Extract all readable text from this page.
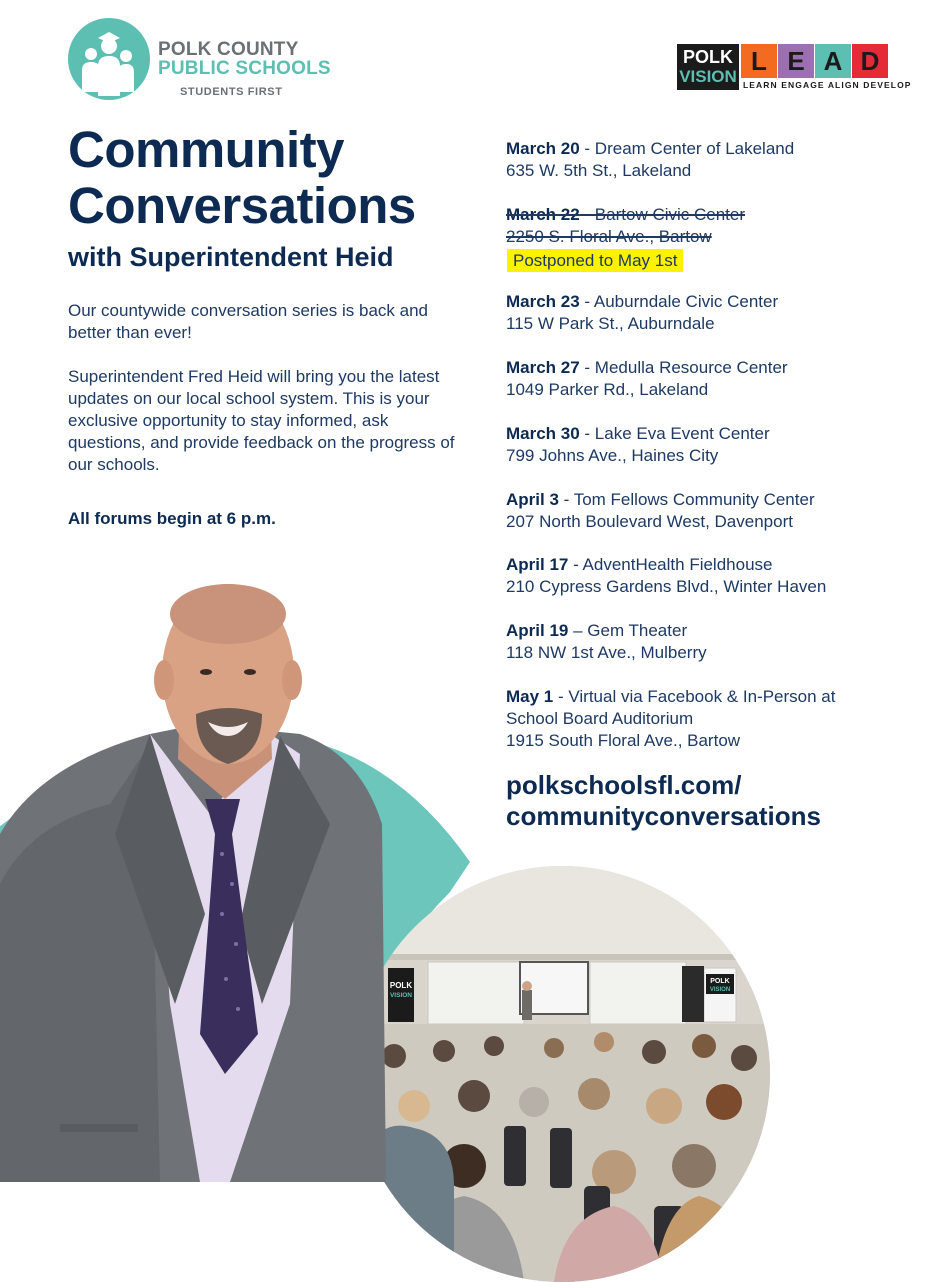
POLK COUNTY
PUBLIC SCHOOLS
STUDENTS FIRST
POLK
VISION
L E A D
LEARN ENGAGE ALIGN DEVELOP
Community
Conversations
with Superintendent Heid
Our countywide conversation series is back and better than ever!
Superintendent Fred Heid will bring you the latest updates on our local school system. This is your exclusive opportunity to stay informed, ask questions, and provide feedback on the progress of our schools.
All forums begin at 6 p.m.
March 20 - Dream Center of Lakeland
635 W. 5th St., Lakeland
March 22 - Bartow Civic Center
2250 S. Floral Ave., Bartow
Postponed to May 1st
March 23 - Auburndale Civic Center
115 W Park St., Auburndale
March 27 - Medulla Resource Center
1049 Parker Rd., Lakeland
March 30 - Lake Eva Event Center
799 Johns Ave., Haines City
April 3 - Tom Fellows Community Center
207 North Boulevard West, Davenport
April 17 - AdventHealth Fieldhouse
210 Cypress Gardens Blvd., Winter Haven
April 19 – Gem Theater
118 NW 1st Ave., Mulberry
May 1 - Virtual via Facebook & In-Person at
School Board Auditorium
1915 South Floral Ave., Bartow
polkschoolsfl.com/
communityconversations
POLK
VISION
POLK
VISION
